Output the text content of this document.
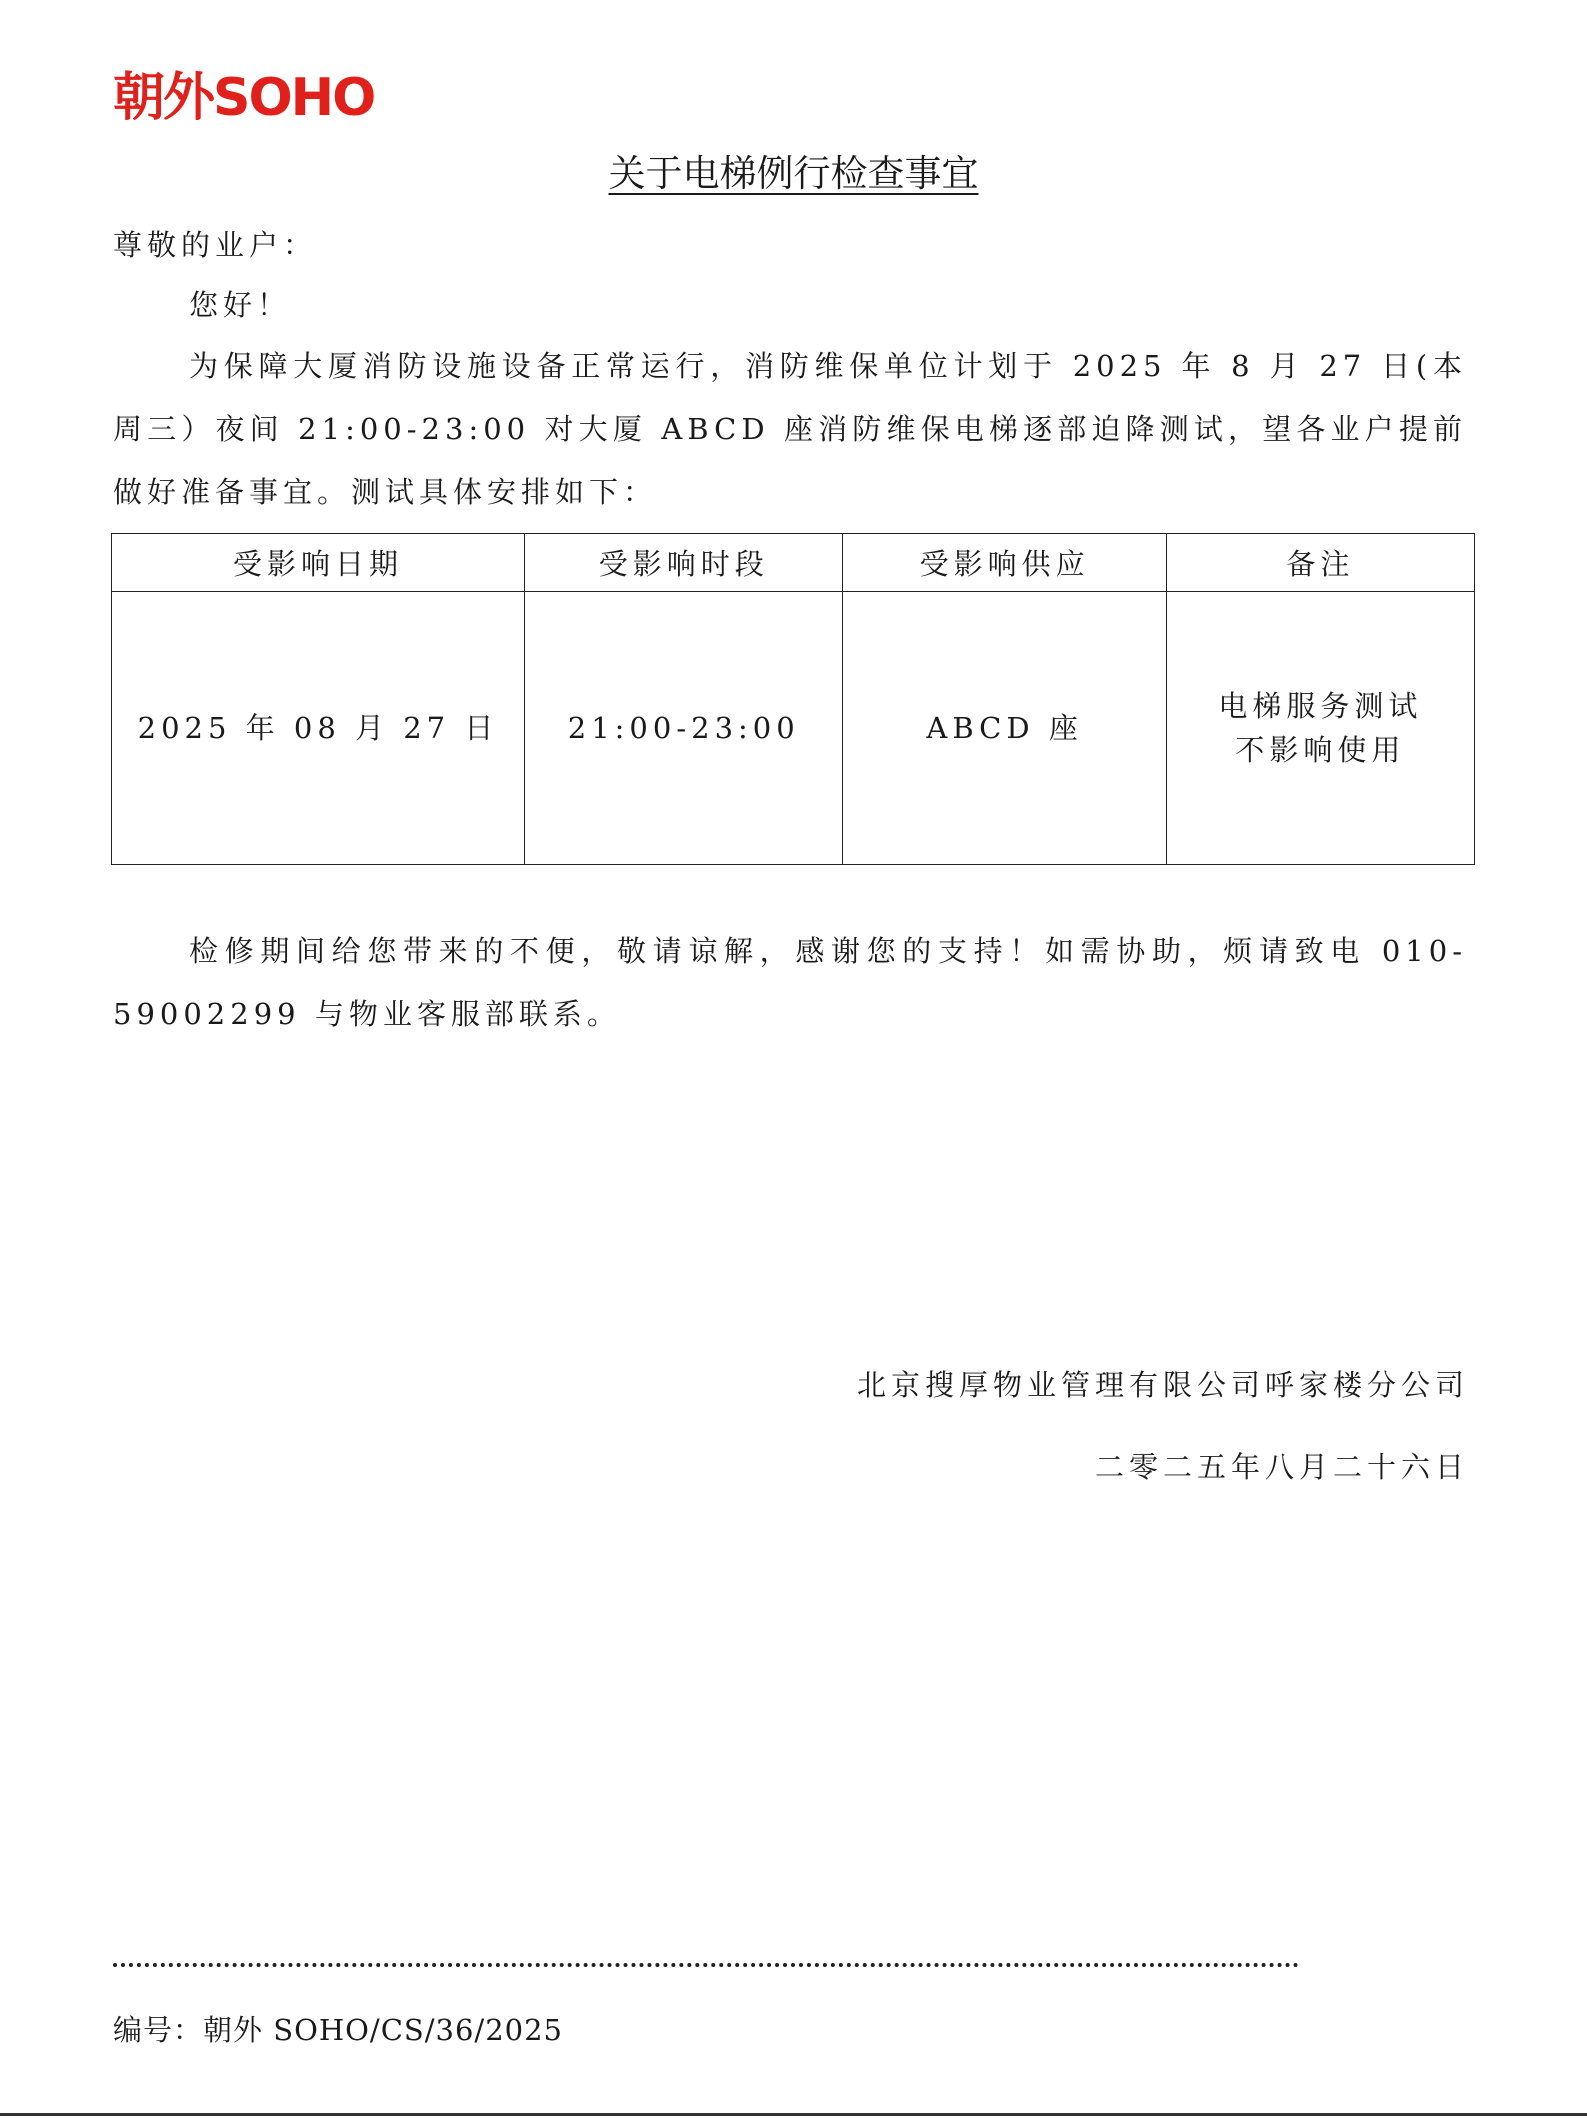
朝外SOHO
关于电梯例行检查事宜
尊敬的业户：
您好！
为保障大厦消防设施设备正常运行，消防维保单位计划于 2025 年 8 月 27 日(本周三）夜间 21:00-23:00 对大厦 ABCD 座消防维保电梯逐部迫降测试，望各业户提前做好准备事宜。测试具体安排如下：
受影响日期	受影响时段	受影响供应	备注
2025 年 08 月 27 日	21:00-23:00	ABCD 座	电梯服务测试
不影响使用
检修期间给您带来的不便，敬请谅解，感谢您的支持！如需协助，烦请致电 010-59002299 与物业客服部联系。
北京搜厚物业管理有限公司呼家楼分公司
二零二五年八月二十六日
编号：朝外 SOHO/CS/36/2025
